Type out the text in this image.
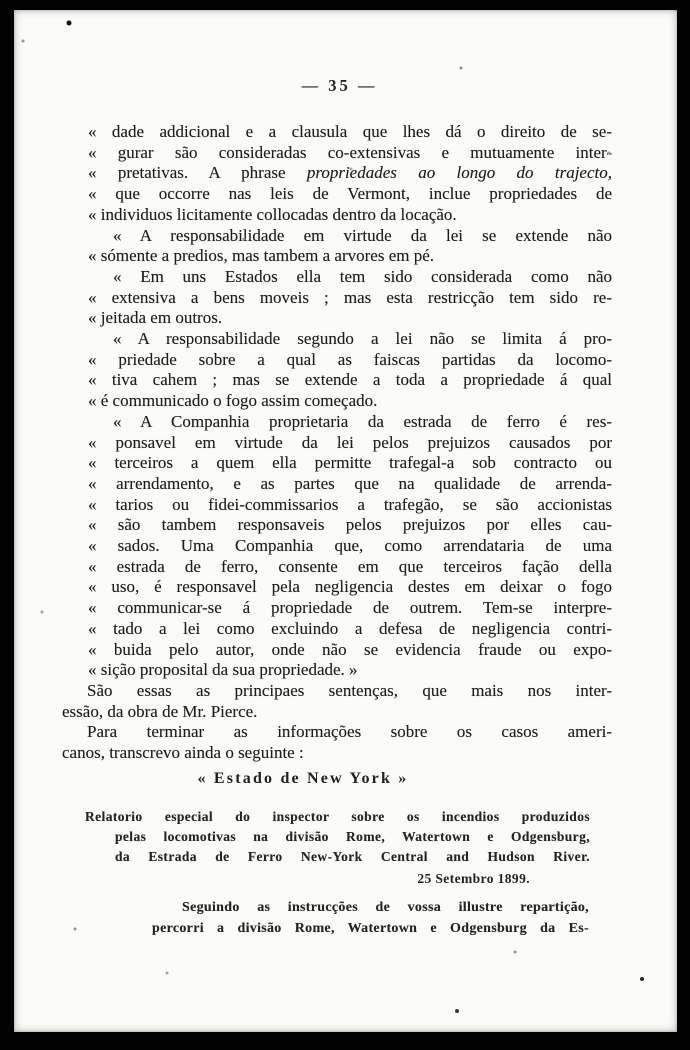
— 35 —
« dade addicional e a clausula que lhes dá o direito de se-
« gurar são consideradas co-extensivas e mutuamente inter-
« pretativas. A phrase propriedades ao longo do trajecto,
« que occorre nas leis de Vermont, inclue propriedades de
« individuos licitamente collocadas dentro da locação.
« A responsabilidade em virtude da lei se extende não
« sómente a predios, mas tambem a arvores em pé.
« Em uns Estados ella tem sido considerada como não
« extensiva a bens moveis ; mas esta restricção tem sido re-
« jeitada em outros.
« A responsabilidade segundo a lei não se limita á pro-
« priedade sobre a qual as faiscas partidas da locomo-
« tiva cahem ; mas se extende a toda a propriedade á qual
« é communicado o fogo assim começado.
« A Companhia proprietaria da estrada de ferro é res-
« ponsavel em virtude da lei pelos prejuizos causados por
« terceiros a quem ella permitte trafegal-a sob contracto ou
« arrendamento, e as partes que na qualidade de arrenda-
« tarios ou fidei-commissarios a trafegão, se são accionistas
« são tambem responsaveis pelos prejuizos por elles cau-
« sados. Uma Companhia que, como arrendataria de uma
« estrada de ferro, consente em que terceiros fação della
« uso, é responsavel pela negligencia destes em deixar o fogo
« communicar-se á propriedade de outrem. Tem-se interpre-
« tado a lei como excluindo a defesa de negligencia contri-
« buida pelo autor, onde não se evidencia fraude ou expo-
« sição proposital da sua propriedade. »
São essas as principaes sentenças, que mais nos inter-
essão, da obra de Mr. Pierce.
Para terminar as informações sobre os casos ameri-
canos, transcrevo ainda o seguinte :
« Estado de New York »
Relatorio especial do inspector sobre os incendios produzidos
pelas locomotivas na divisão Rome, Watertown e Odgensburg,
da Estrada de Ferro New-York Central and Hudson River.
25 Setembro 1899.
Seguindo as instrucções de vossa illustre repartição,
percorri a divisão Rome, Watertown e Odgensburg da Es-
